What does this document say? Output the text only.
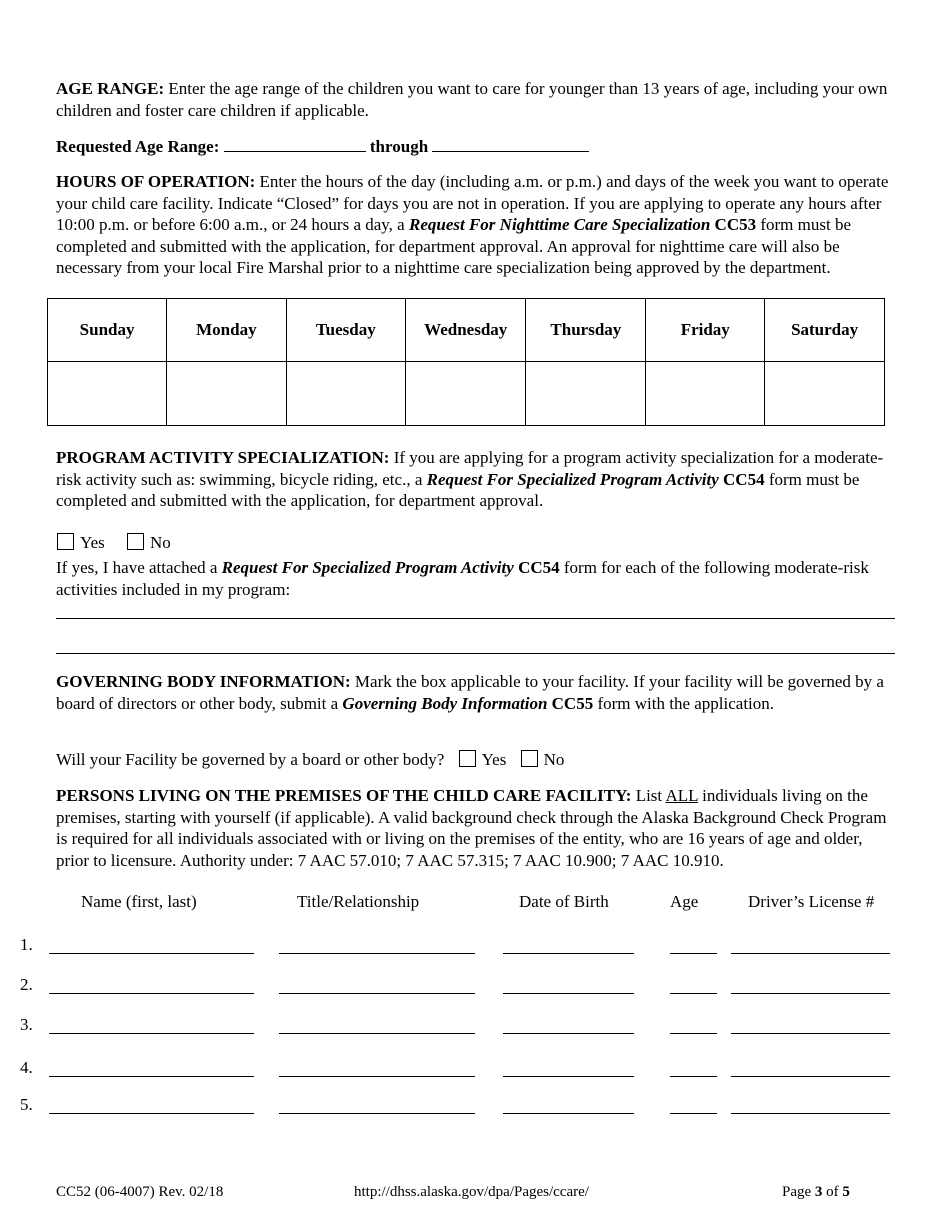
AGE RANGE: Enter the age range of the children you want to care for younger than 13 years of age, including your own children and foster care children if applicable.

Requested Age Range:	through

HOURS OF OPERATION: Enter the hours of the day (including a.m. or p.m.) and days of the week you want to operate your child care facility. Indicate “Closed” for days you are not in operation. If you are applying to operate any hours after 10:00 p.m. or before 6:00 a.m., or 24 hours a day, a Request For Nighttime Care Specialization CC53 form must be completed and submitted with the application, for department approval. An approval for nighttime care will also be necessary from your local Fire Marshal prior to a nighttime care specialization being approved by the department.

Sunday	Monday	Tuesday	Wednesday	Thursday	Friday	Saturday

PROGRAM ACTIVITY SPECIALIZATION: If you are applying for a program activity specialization for a moderate-risk activity such as: swimming, bicycle riding, etc., a Request For Specialized Program Activity CC54 form must be completed and submitted with the application, for department approval.

Yes	No

If yes, I have attached a Request For Specialized Program Activity CC54 form for each of the following moderate-risk activities included in my program:

GOVERNING BODY INFORMATION: Mark the box applicable to your facility. If your facility will be governed by a board of directors or other body, submit a Governing Body Information CC55 form with the application.

Will your Facility be governed by a board or other body? Yes No

PERSONS LIVING ON THE PREMISES OF THE CHILD CARE FACILITY: List ALL individuals living on the premises, starting with yourself (if applicable). A valid background check through the Alaska Background Check Program is required for all individuals associated with or living on the premises of the entity, who are 16 years of age and older, prior to licensure. Authority under: 7 AAC 57.010; 7 AAC 57.315; 7 AAC 10.900; 7 AAC 10.910.

Name (first, last)	Title/Relationship	Date of Birth	Age	Driver’s License #
1.
2.
3.
4.
5.
CC52 (06-4007) Rev. 02/18	http://dhss.alaska.gov/dpa/Pages/ccare/	Page 3 of 5
